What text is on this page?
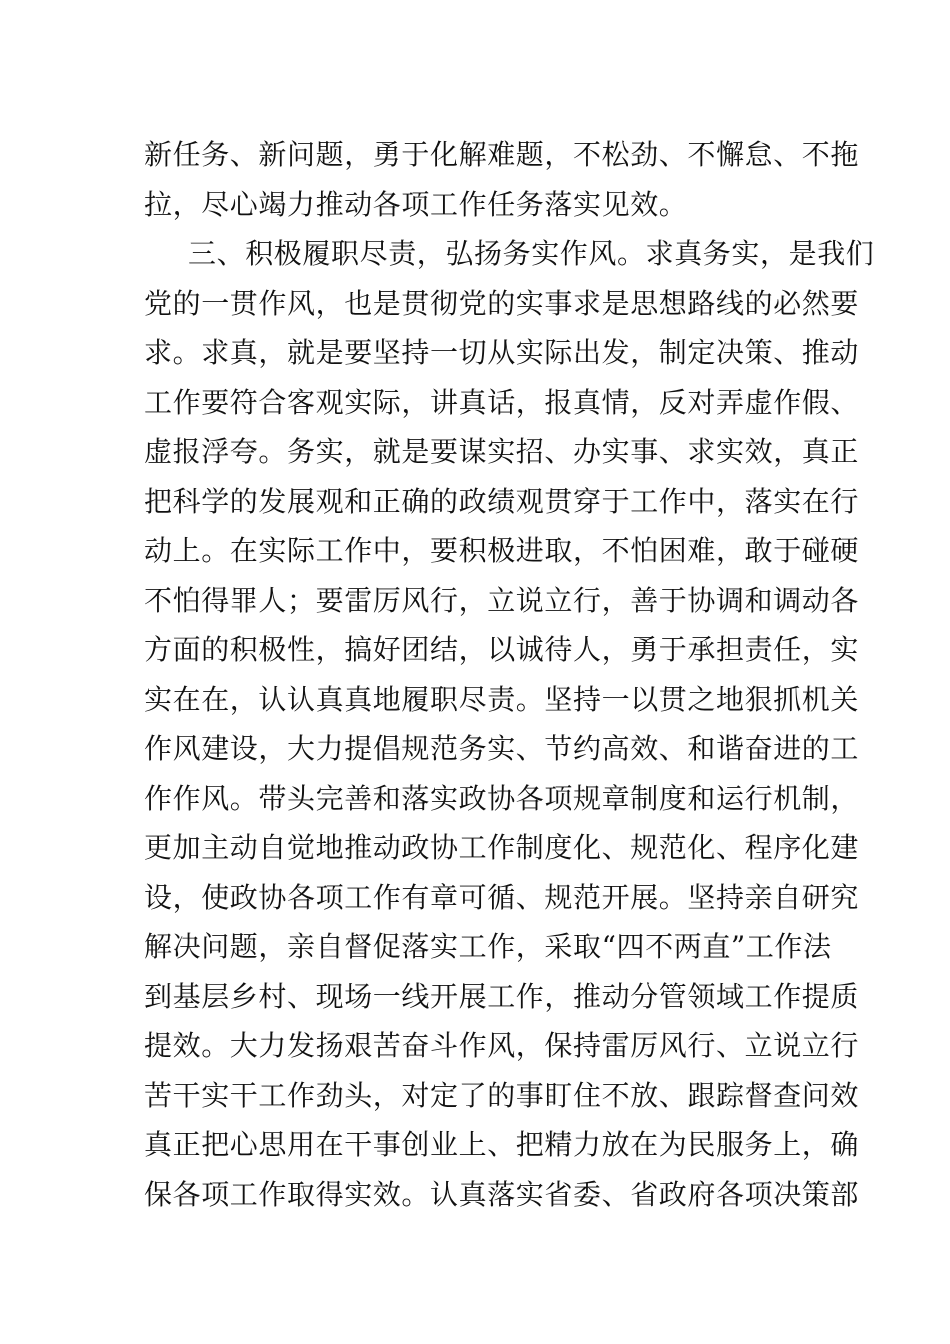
新任务、新问题，勇于化解难题，不松劲、不懈怠、不拖
拉，尽心竭力推动各项工作任务落实见效。
三、积极履职尽责，弘扬务实作风。求真务实，是我们
党的一贯作风，也是贯彻党的实事求是思想路线的必然要
求。求真，就是要坚持一切从实际出发，制定决策、推动
工作要符合客观实际，讲真话，报真情，反对弄虚作假、
虚报浮夸。务实，就是要谋实招、办实事、求实效，真正
把科学的发展观和正确的政绩观贯穿于工作中，落实在行
动上。在实际工作中，要积极进取，不怕困难，敢于碰硬
不怕得罪人；要雷厉风行，立说立行，善于协调和调动各
方面的积极性，搞好团结，以诚待人，勇于承担责任，实
实在在，认认真真地履职尽责。坚持一以贯之地狠抓机关
作风建设，大力提倡规范务实、节约高效、和谐奋进的工
作作风。带头完善和落实政协各项规章制度和运行机制，
更加主动自觉地推动政协工作制度化、规范化、程序化建
设，使政协各项工作有章可循、规范开展。坚持亲自研究
解决问题，亲自督促落实工作，采取“四不两直”工作法
到基层乡村、现场一线开展工作，推动分管领域工作提质
提效。大力发扬艰苦奋斗作风，保持雷厉风行、立说立行
苦干实干工作劲头，对定了的事盯住不放、跟踪督查问效
真正把心思用在干事创业上、把精力放在为民服务上，确
保各项工作取得实效。认真落实省委、省政府各项决策部
